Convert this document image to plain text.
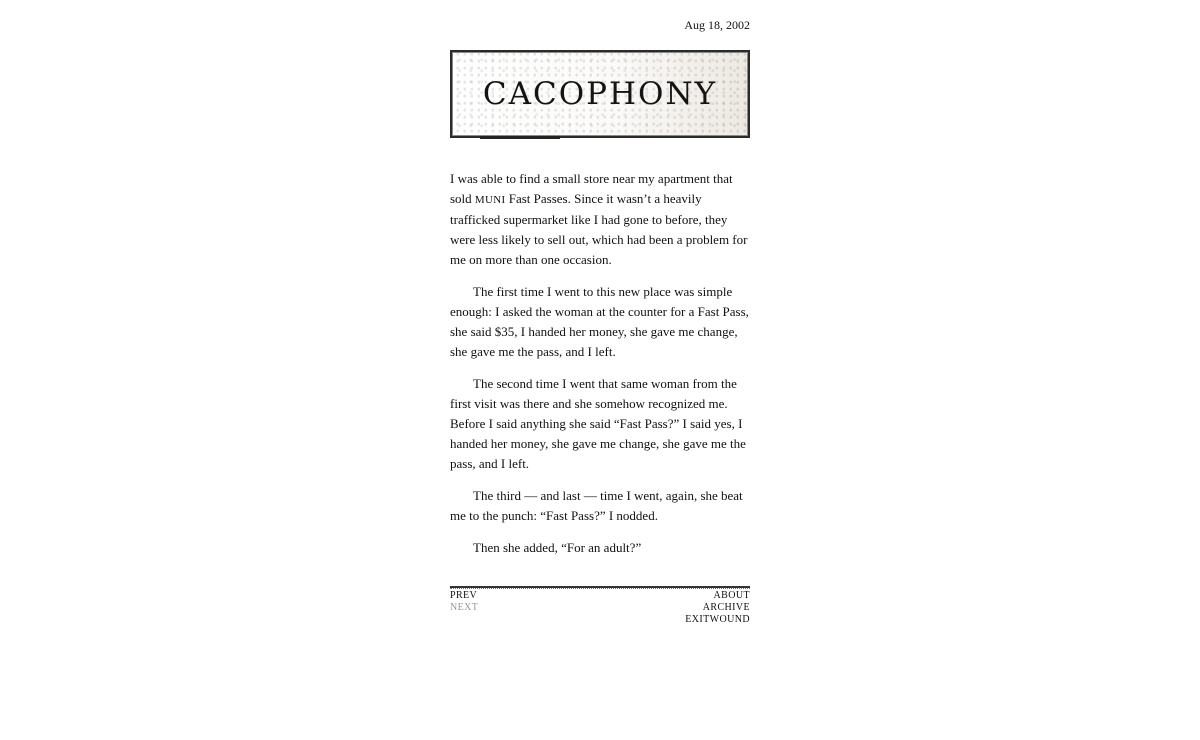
Aug 18, 2002
CACOPHONY

I was able to find a small store near my apartment that sold MUNI Fast Passes. Since it wasn’t a heavily trafficked supermarket like I had gone to before, they were less likely to sell out, which had been a problem for me on more than one occasion.

The first time I went to this new place was simple enough: I asked the woman at the counter for a Fast Pass, she said $35, I handed her money, she gave me change, she gave me the pass, and I left.

The second time I went that same woman from the first visit was there and she somehow recognized me. Before I said anything she said “Fast Pass?” I said yes, I handed her money, she gave me change, she gave me the pass, and I left.

The third — and last — time I went, again, she beat me to the punch: “Fast Pass?” I nodded.

Then she added, “For an adult?”

PREV
NEXT
ABOUT
ARCHIVE
EXITWOUND
